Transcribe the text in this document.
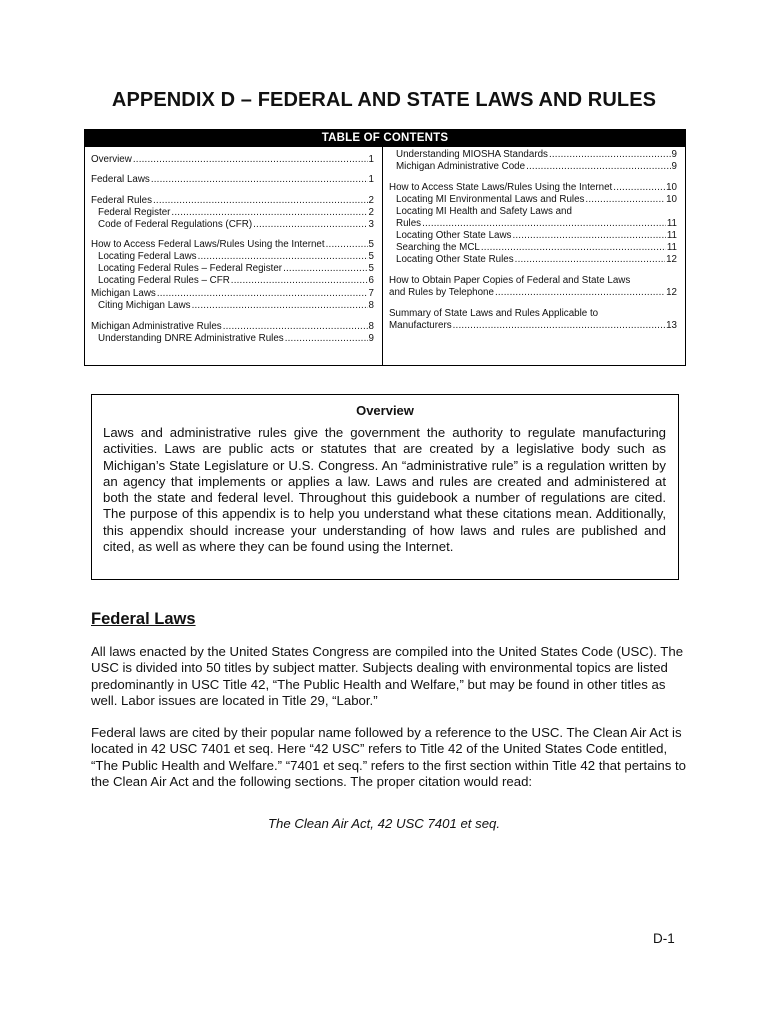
APPENDIX D – FEDERAL AND STATE LAWS AND RULES
TABLE OF CONTENTS
Overview .....	1
Federal Laws .....	1
Federal Rules .....	2
Federal Register .....	2
Code of Federal Regulations (CFR) .....	3
How to Access Federal Laws/Rules Using the Internet .....	5
Locating Federal Laws .....	5
Locating Federal Rules – Federal Register .....	5
Locating Federal Rules – CFR .....	6
Michigan Laws .....	7
Citing Michigan Laws .....	8
Michigan Administrative Rules .....	8
Understanding DNRE Administrative Rules .....	9
Understanding MIOSHA Standards .....	9
Michigan Administrative Code .....	9
How to Access State Laws/Rules Using the Internet .....	10
Locating MI Environmental Laws and Rules .....	10
Locating MI Health and Safety Laws and
Rules .....	11
Locating Other State Laws .....	11
Searching the MCL .....	11
Locating Other State Rules .....	12
How to Obtain Paper Copies of Federal and State Laws
and Rules by Telephone .....	12
Summary of State Laws and Rules Applicable to
Manufacturers .....	13
Overview
Laws and administrative rules give the government the authority to regulate manufacturing activities. Laws are public acts or statutes that are created by a legislative body such as Michigan’s State Legislature or U.S. Congress. An “administrative rule” is a regulation written by an agency that implements or applies a law. Laws and rules are created and administered at both the state and federal level. Throughout this guidebook a number of regulations are cited. The purpose of this appendix is to help you understand what these citations mean. Additionally, this appendix should increase your understanding of how laws and rules are published and cited, as well as where they can be found using the Internet.
Federal Laws
All laws enacted by the United States Congress are compiled into the United States Code (USC). The USC is divided into 50 titles by subject matter. Subjects dealing with environmental topics are listed predominantly in USC Title 42, “The Public Health and Welfare,” but may be found in other titles as well. Labor issues are located in Title 29, “Labor.”
Federal laws are cited by their popular name followed by a reference to the USC. The Clean Air Act is located in 42 USC 7401 et seq. Here “42 USC” refers to Title 42 of the United States Code entitled, “The Public Health and Welfare.” “7401 et seq.” refers to the first section within Title 42 that pertains to the Clean Air Act and the following sections. The proper citation would read:
The Clean Air Act, 42 USC 7401 et seq.
D-1
